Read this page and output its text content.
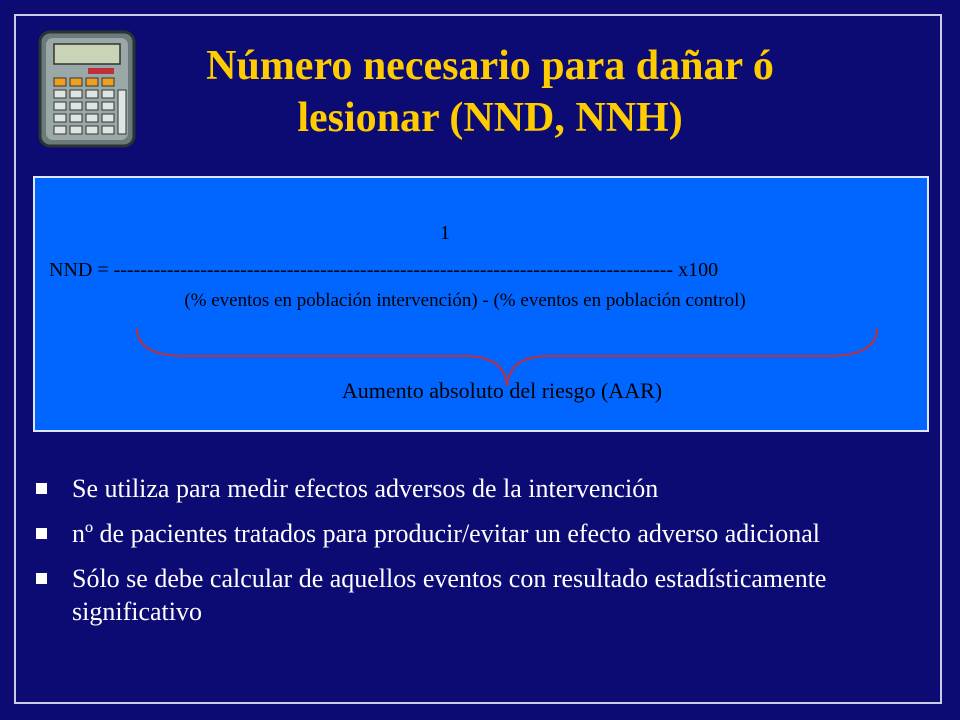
Número necesario para dañar ó lesionar (NND, NNH)
1
NND = ------------------------------------------------------------------------------------ x100
(% eventos en población intervención) - (% eventos en población control)
Aumento absoluto del riesgo (AAR)
Se utiliza para medir efectos adversos de la intervención
nº de pacientes tratados para producir/evitar un efecto adverso adicional
Sólo se debe calcular de aquellos eventos con resultado estadísticamente significativo
